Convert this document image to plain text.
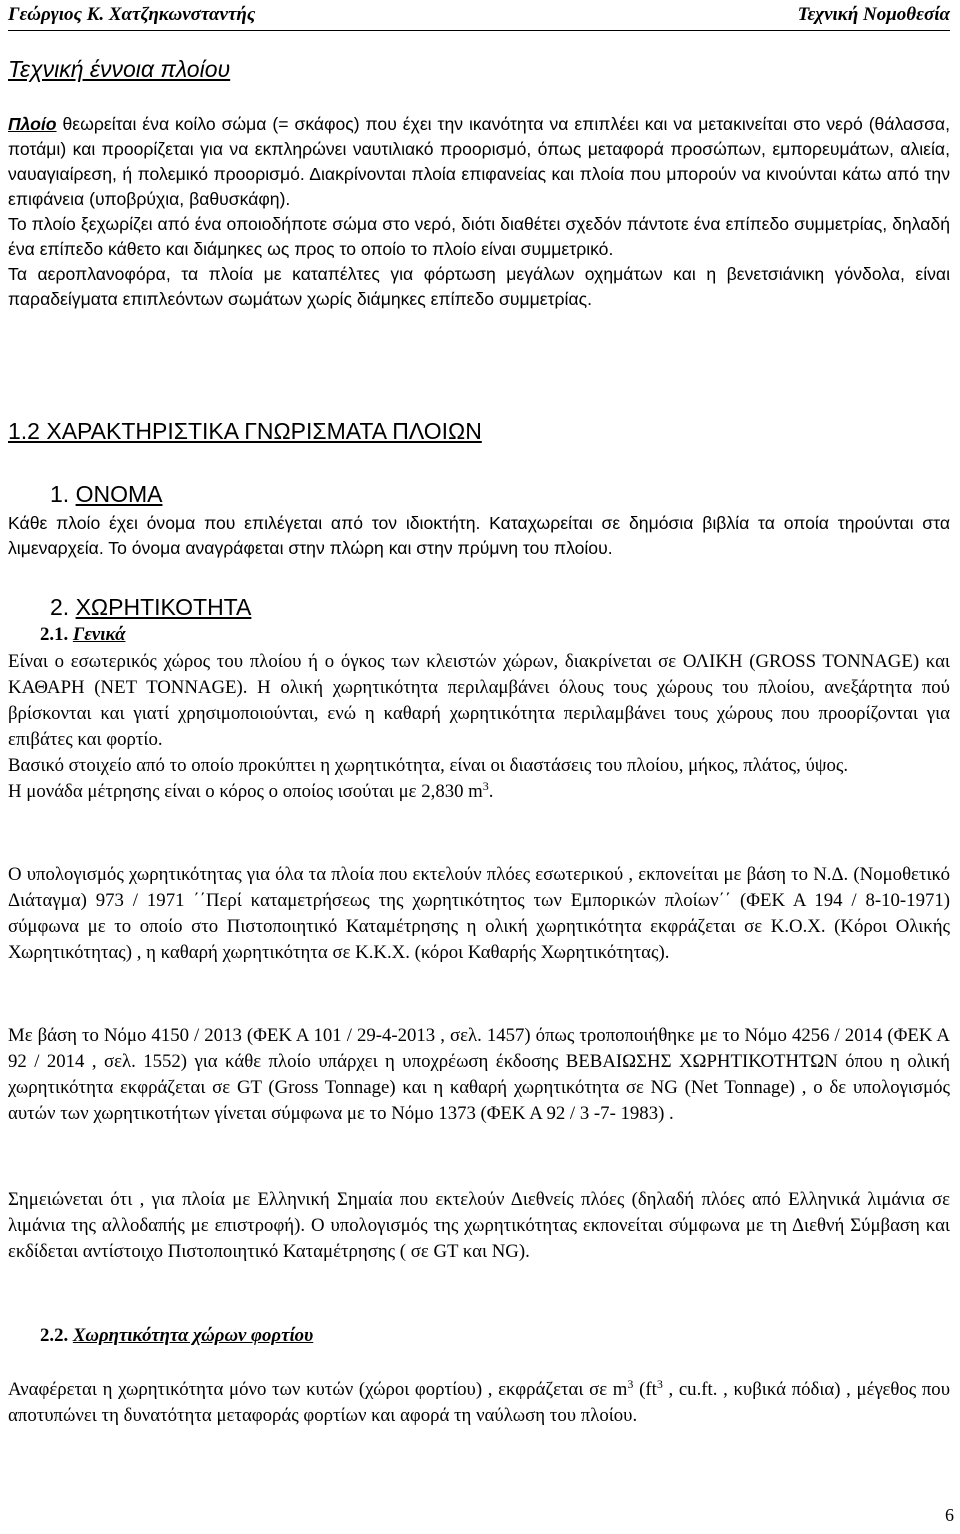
Γεώργιος Κ. Χατζηκωνσταντής	Τεχνική Νομοθεσία
Τεχνική έννοια πλοίου

Πλοίο θεωρείται ένα κοίλο σώμα (= σκάφος) που έχει την ικανότητα να επιπλέει και να μετακινείται στο νερό (θάλασσα, ποτάμι) και προορίζεται για να εκπληρώνει ναυτιλιακό προορισμό, όπως μεταφορά προσώπων, εμπορευμάτων, αλιεία, ναυαγιαίρεση, ή πολεμικό προορισμό. Διακρίνονται πλοία επιφανείας και πλοία που μπορούν να κινούνται κάτω από την επιφάνεια (υποβρύχια, βαθυσκάφη).

Το πλοίο ξεχωρίζει από ένα οποιοδήποτε σώμα στο νερό, διότι διαθέτει σχεδόν πάντοτε ένα επίπεδο συμμετρίας, δηλαδή ένα επίπεδο κάθετο και διάμηκες ως προς το οποίο το πλοίο είναι συμμετρικό.

Τα αεροπλανοφόρα, τα πλοία με καταπέλτες για φόρτωση μεγάλων οχημάτων και η βενετσιάνικη γόνδολα, είναι παραδείγματα επιπλεόντων σωμάτων χωρίς διάμηκες επίπεδο συμμετρίας.

1.2 ΧΑΡΑΚΤΗΡΙΣΤΙΚΑ ΓΝΩΡΙΣΜΑΤΑ ΠΛΟΙΩΝ
1. ΟΝΟΜΑ

Κάθε πλοίο έχει όνομα που επιλέγεται από τον ιδιοκτήτη. Καταχωρείται σε δημόσια βιβλία τα οποία τηρούνται στα λιμεναρχεία. Το όνομα αναγράφεται στην πλώρη και στην πρύμνη του πλοίου.

2. ΧΩΡΗΤΙΚΟΤΗΤΑ
2.1. Γενικά

Είναι ο εσωτερικός χώρος του πλοίου ή ο όγκος των κλειστών χώρων, διακρίνεται σε ΟΛΙΚΗ (GROSS TONNAGE) και ΚΑΘΑΡΗ (NET TONNAGE). Η ολική χωρητικότητα περιλαμβάνει όλους τους χώρους του πλοίου, ανεξάρτητα πού βρίσκονται και γιατί χρησιμοποιούνται, ενώ η καθαρή χωρητικότητα περιλαμβάνει τους χώρους που προορίζονται για επιβάτες και φορτίο.

Βασικό στοιχείο από το οποίο προκύπτει η χωρητικότητα, είναι οι διαστάσεις του πλοίου, μήκος, πλάτος, ύψος.

Η μονάδα μέτρησης είναι ο κόρος ο οποίος ισούται με 2,830 $m^3$.

Ο υπολογισμός χωρητικότητας για όλα τα πλοία που εκτελούν πλόες εσωτερικού , εκπονείται με βάση το Ν.Δ. (Νομοθετικό Διάταγμα) 973 / 1971 ΄΄Περί καταμετρήσεως της χωρητικότητος των Εμπορικών πλοίων΄΄ (ΦΕΚ Α 194 / 8-10-1971) σύμφωνα με το οποίο στο Πιστοποιητικό Καταμέτρησης η ολική χωρητικότητα εκφράζεται σε Κ.Ο.Χ. (Κόροι Ολικής Χωρητικότητας) , η καθαρή χωρητικότητα σε Κ.Κ.Χ. (κόροι Καθαρής Χωρητικότητας).

Με βάση το Νόμο 4150 / 2013 (ΦΕΚ Α 101 / 29-4-2013 , σελ. 1457) όπως τροποποιήθηκε με το Νόμο 4256 / 2014 (ΦΕΚ Α 92 / 2014 , σελ. 1552) για κάθε πλοίο υπάρχει η υποχρέωση έκδοσης ΒΕΒΑΙΩΣΗΣ ΧΩΡΗΤΙΚΟΤΗΤΩΝ όπου η ολική χωρητικότητα εκφράζεται σε GT (Gross Tonnage) και η καθαρή χωρητικότητα σε NG (Net Tonnage) , ο δε υπολογισμός αυτών των χωρητικοτήτων γίνεται σύμφωνα με το Νόμο 1373 (ΦΕΚ Α 92 / 3 -7- 1983) .

Σημειώνεται ότι , για πλοία με Ελληνική Σημαία που εκτελούν Διεθνείς πλόες (δηλαδή πλόες από Ελληνικά λιμάνια σε λιμάνια της αλλοδαπής με επιστροφή). Ο υπολογισμός της χωρητικότητας εκπονείται σύμφωνα με τη Διεθνή Σύμβαση και εκδίδεται αντίστοιχο Πιστοποιητικό Καταμέτρησης ( σε GT και NG).

2.2. Χωρητικότητα χώρων φορτίου

Αναφέρεται η χωρητικότητα μόνο των κυτών (χώροι φορτίου) , εκφράζεται σε $m^3$ ($ft^3$ , cu.ft. , κυβικά πόδια) , μέγεθος που αποτυπώνει τη δυνατότητα μεταφοράς φορτίων και αφορά τη ναύλωση του πλοίου.

6
